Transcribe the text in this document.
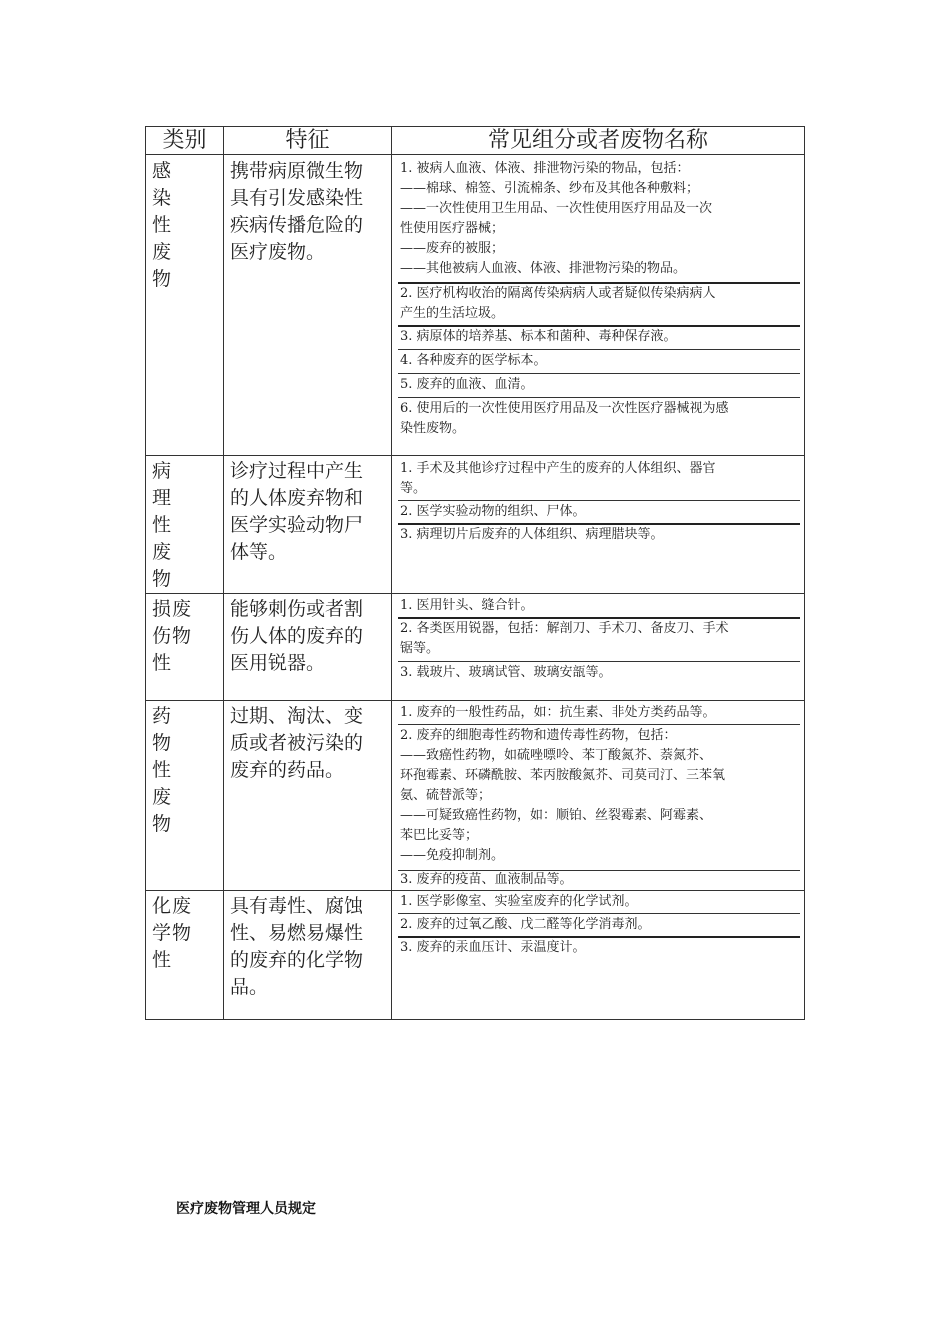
类别	特征	常见组分或者废物名称
感
染
性
废
物
携带病原微生物
具有引发感染性
疾病传播危险的
医疗废物。
1. 被病人血液、体液、排泄物污染的物品，包括：
——棉球、棉签、引流棉条、纱布及其他各种敷料；
——一次性使用卫生用品、一次性使用医疗用品及一次
性使用医疗器械；
——废弃的被服；
——其他被病人血液、体液、排泄物污染的物品。
2. 医疗机构收治的隔离传染病病人或者疑似传染病病人
产生的生活垃圾。
3. 病原体的培养基、标本和菌种、毒种保存液。
4. 各种废弃的医学标本。
5. 废弃的血液、血清。
6. 使用后的一次性使用医疗用品及一次性医疗器械视为感
染性废物。
病
理
性
废
物
诊疗过程中产生
的人体废弃物和
医学实验动物尸
体等。
1. 手术及其他诊疗过程中产生的废弃的人体组织、器官
等。
2. 医学实验动物的组织、尸体。
3. 病理切片后废弃的人体组织、病理腊块等。
损废
伤物
性
能够刺伤或者割
伤人体的废弃的
医用锐器。
1. 医用针头、缝合针。
2. 各类医用锐器，包括：解剖刀、手术刀、备皮刀、手术
锯等。
3. 载玻片、玻璃试管、玻璃安瓿等。
药
物
性
废
物
过期、淘汰、变
质或者被污染的
废弃的药品。
1. 废弃的一般性药品，如：抗生素、非处方类药品等。
2. 废弃的细胞毒性药物和遗传毒性药物，包括：
——致癌性药物，如硫唑嘌呤、苯丁酸氮芥、萘氮芥、
环孢霉素、环磷酰胺、苯丙胺酸氮芥、司莫司汀、三苯氧
氨、硫替派等；
——可疑致癌性药物，如：顺铂、丝裂霉素、阿霉素、
苯巴比妥等；
——免疫抑制剂。
3. 废弃的疫苗、血液制品等。
化废
学物
性
具有毒性、腐蚀
性、易燃易爆性
的废弃的化学物
品。
1. 医学影像室、实验室废弃的化学试剂。
2. 废弃的过氧乙酸、戊二醛等化学消毒剂。
3. 废弃的汞血压计、汞温度计。
医疗废物管理人员规定
